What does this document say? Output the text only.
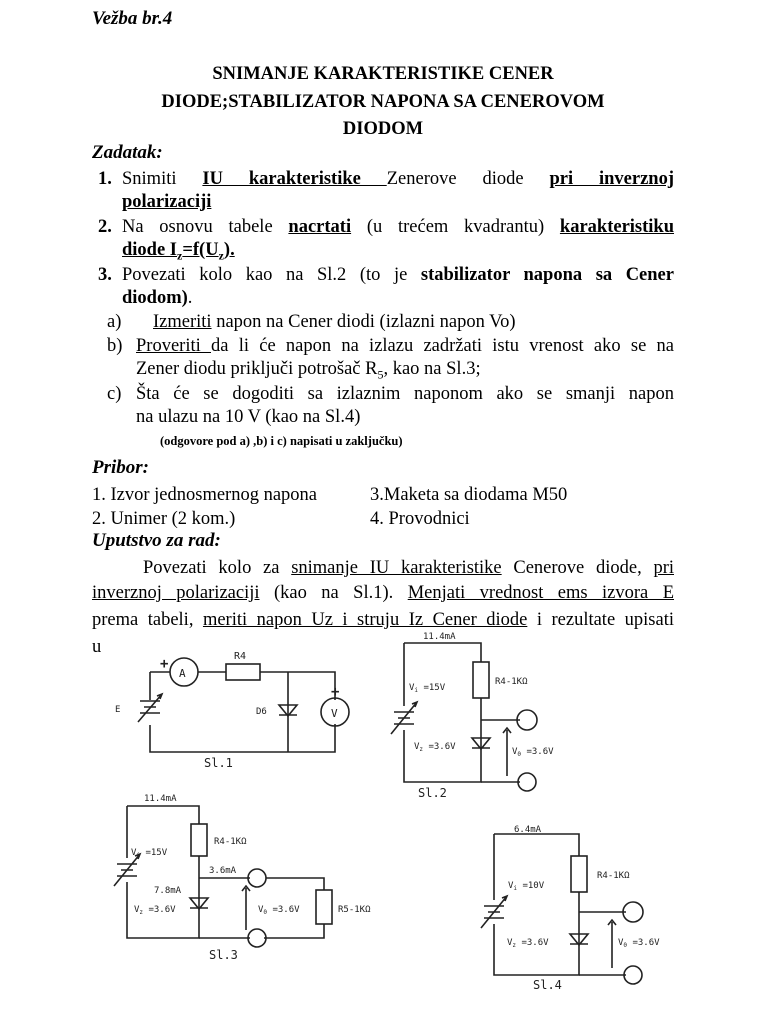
Vežba br.4
SNIMANJE KARAKTERISTIKE CENER
DIODE;STABILIZATOR NAPONA SA CENEROVOM
DIODOM
Zadatak:
1. Snimiti IU karakteristike Zenerove diode pri inverznoj
polarizaciji
2. Na osnovu tabele nacrtati (u trećem kvadrantu) karakteristiku
diode $I_z=f(U_z)$.
3. Povezati kolo kao na Sl.2 (to je stabilizator napona sa Cener
diodom).
a) Izmeriti napon na Cener diodi (izlazni napon Vo)
b) Proveriti da li će napon na izlazu zadržati istu vrenost ako se na
Zener diodu priključi potrošač $R_5$, kao na Sl.3;
c) Šta će se dogoditi sa izlaznim naponom ako se smanji napon
na ulazu na 10 V (kao na Sl.4)
(odgovore pod a) ,b) i c) napisati u zaključku)
Pribor:
1. Izvor jednosmernog napona	3.Maketa sa diodama M50
2. Unimer (2 kom.)	4. Provodnici
Uputstvo za rad:
Povezati kolo za snimanje IU karakteristike Cenerove diode, pri
inverznoj polarizaciji (kao na Sl.1). Menjati vrednost ems izvora E
prema tabeli, meriti napon Uz i struju Iz Cener diode i rezultate upisati
u
A
V
+
+
R4
D6
E
Sl.1
11.4mA
R4-1KΩ
$V_i =15V$
$V_z =3.6V$	$V_0 =3.6V$
Sl.2
11.4mA
R4-1KΩ
$V_i =15V$
3.6mA
7.8mA
$V_z =3.6V$	$V_0 =3.6V$	R5-1KΩ
Sl.3
6.4mA
R4-1KΩ
$V_i =10V$
$V_z =3.6V$	$V_0 =3.6V$
Sl.4
